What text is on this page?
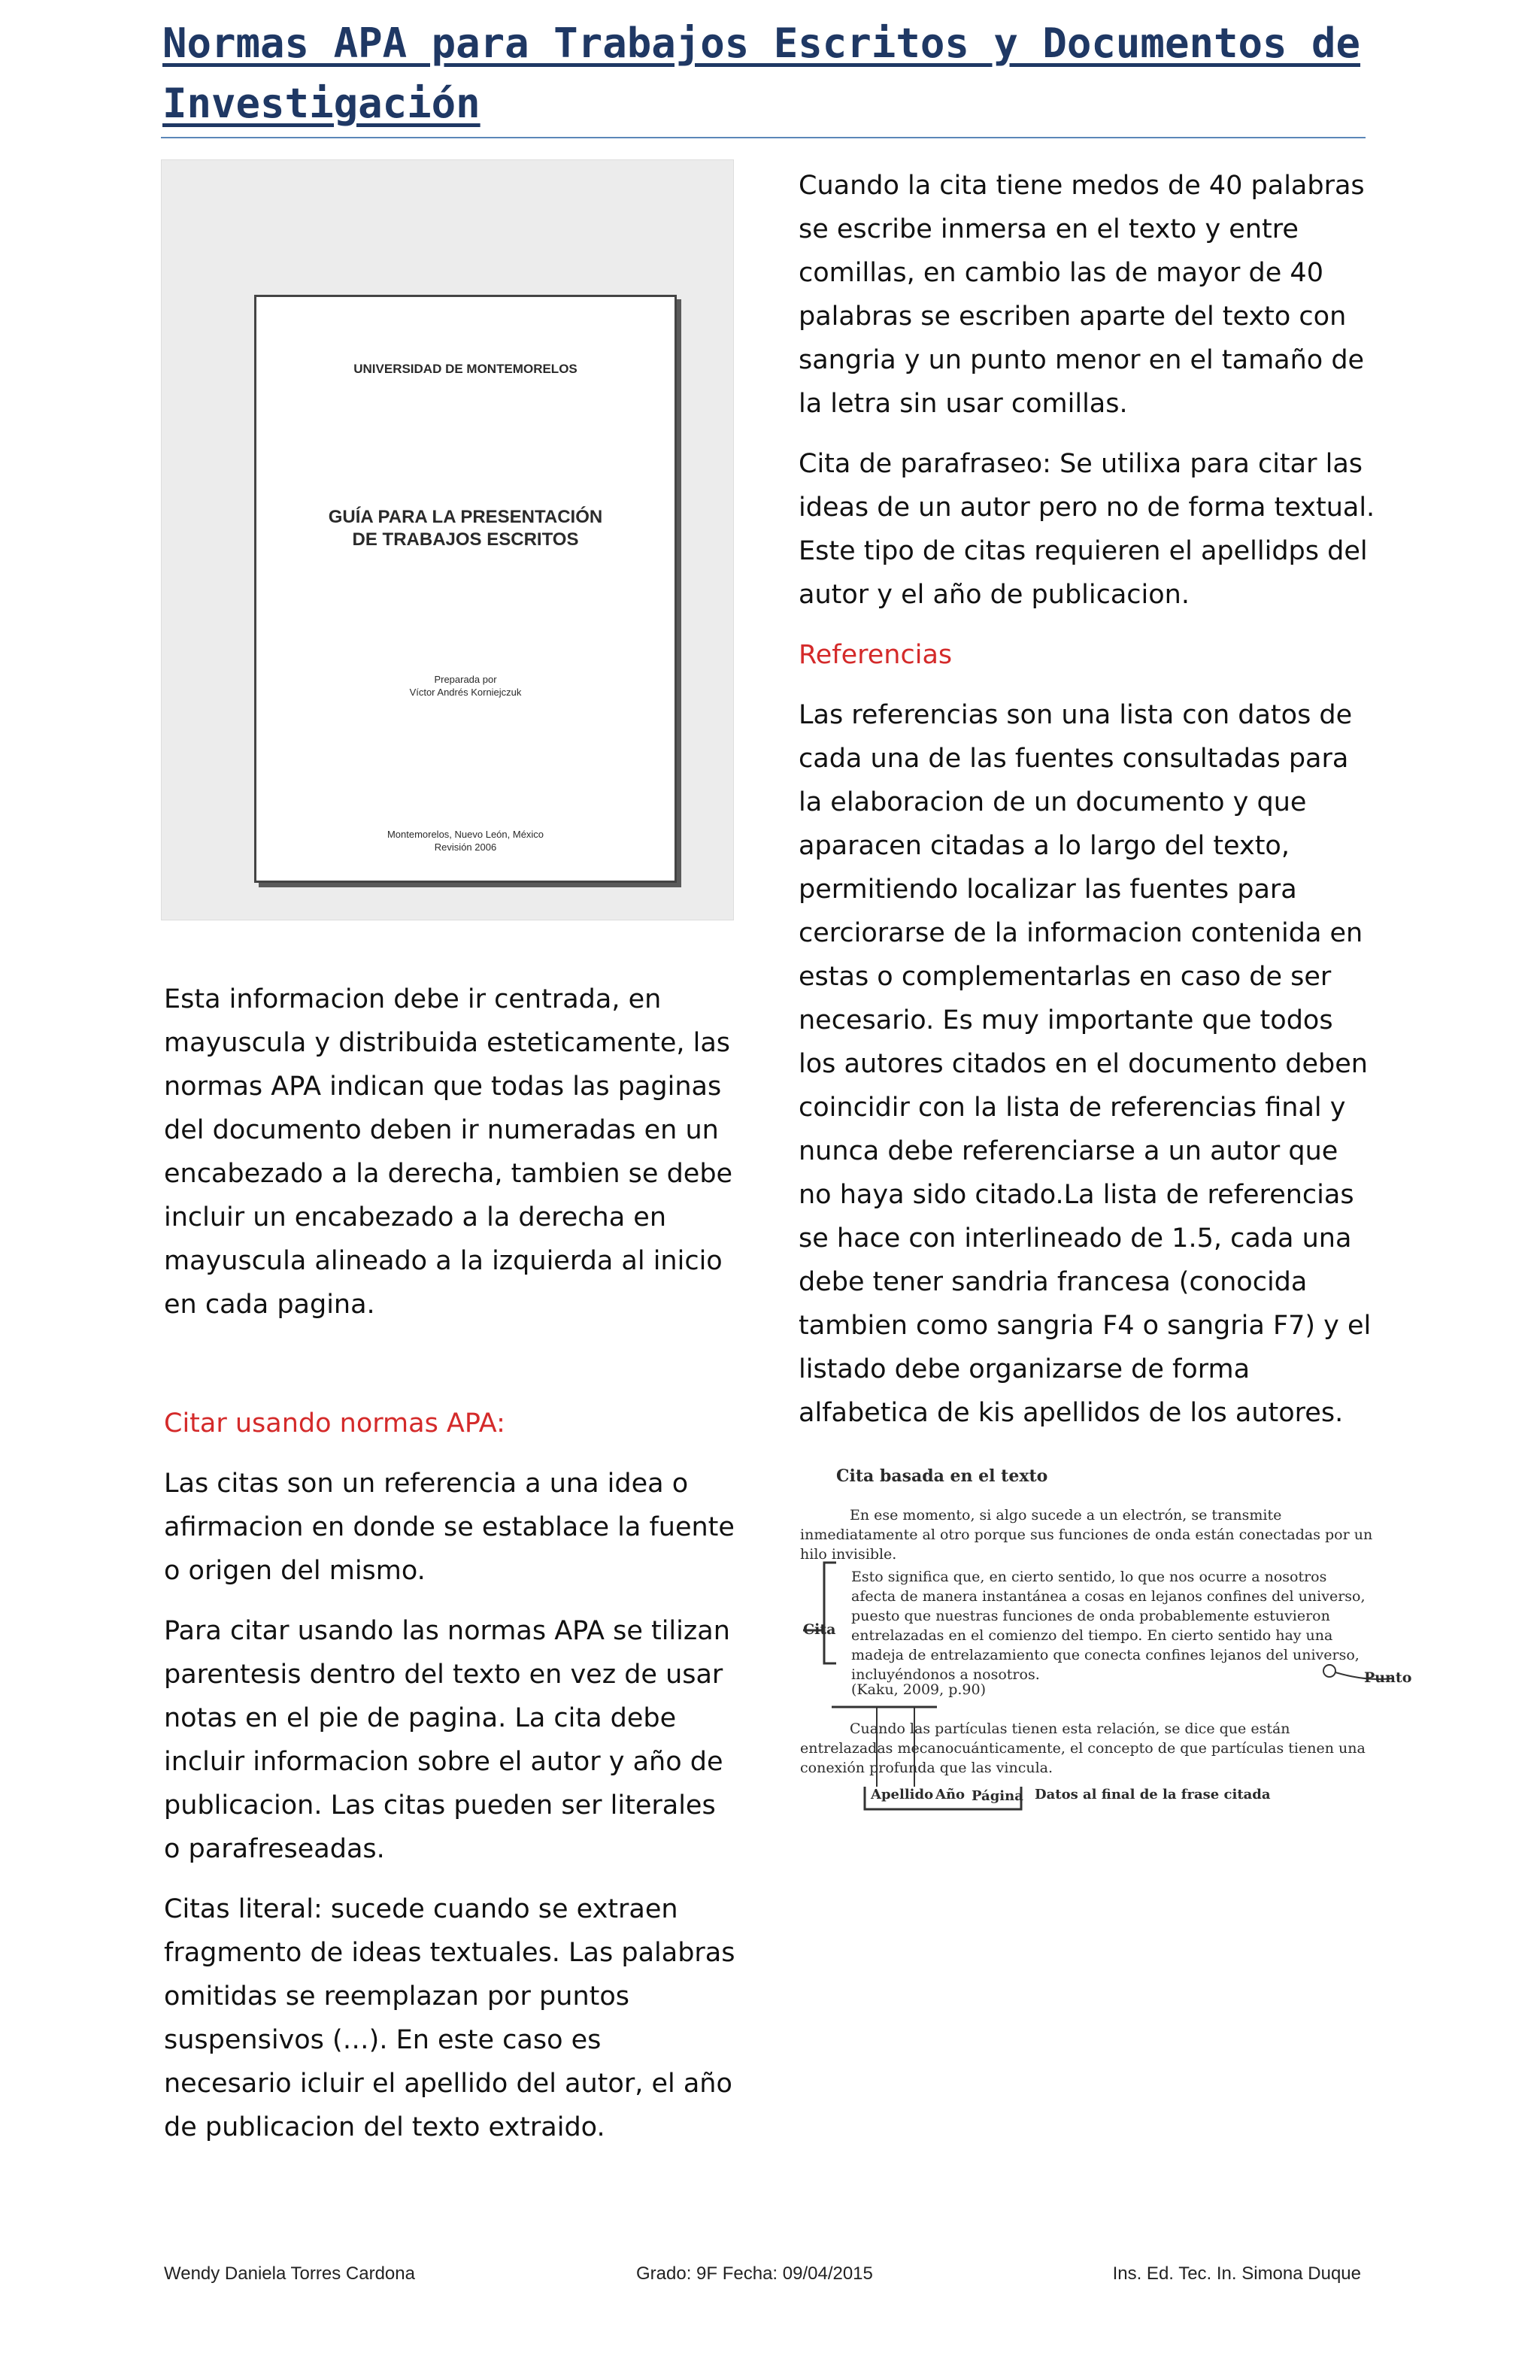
Normas APA para Trabajos Escritos y Documentos de Investigación
UNIVERSIDAD DE MONTEMORELOS
GUÍA PARA LA PRESENTACIÓN
DE TRABAJOS ESCRITOS
Preparada por
Víctor Andrés Korniejczuk
Montemorelos, Nuevo León, México
Revisión 2006

Esta informacion debe ir centrada, en mayuscula y distribuida esteticamente, las normas APA indican que todas las paginas del documento deben ir numeradas en un encabezado a la derecha, tambien se debe incluir un encabezado a la derecha en mayuscula alineado a la izquierda al inicio en cada pagina.

Citar usando normas APA:

Las citas son un referencia a una idea o afirmacion en donde se establace la fuente o origen del mismo.

Para citar usando las normas APA se tilizan parentesis dentro del texto en vez de usar notas en el pie de pagina. La cita debe incluir informacion sobre el autor y año de publicacion. Las citas pueden ser literales o parafreseadas.

Citas literal: sucede cuando se extraen fragmento de ideas textuales. Las palabras omitidas se reemplazan por puntos suspensivos (…). En este caso es necesario icluir el apellido del autor, el año de publicacion del texto extraido.

Cuando la cita tiene medos de 40 palabras se escribe inmersa en el texto y entre comillas, en cambio las de mayor de 40 palabras se escriben aparte del texto con sangria y un punto menor en el tamaño de la letra sin usar comillas.

Cita de parafraseo: Se utilixa para citar las ideas de un autor pero no de forma textual. Este tipo de citas requieren el apellidps del autor y el año de publicacion.

Referencias

Las referencias son una lista con datos de cada una de las fuentes consultadas para la elaboracion de un documento y que aparacen citadas a lo largo del texto, permitiendo localizar las fuentes para cerciorarse de la informacion contenida en estas o complementarlas en caso de ser necesario. Es muy importante que todos los autores citados en el documento deben coincidir con la lista de referencias final y nunca debe referenciarse a un autor que no haya sido citado.La lista de referencias se hace con interlineado de 1.5, cada una debe tener sandria francesa (conocida tambien como sangria F4 o sangria F7) y el listado debe organizarse de forma alfabetica de kis apellidos de los autores.

Cita basada en el texto

En ese momento, si algo sucede a un electrón, se transmite inmediatamente al otro porque sus funciones de onda están conectadas por un hilo invisible.

Esto significa que, en cierto sentido, lo que nos ocurre a nosotros afecta de manera instantánea a cosas en lejanos confines del universo, puesto que nuestras funciones de onda probablemente estuvieron entrelazadas en el comienzo del tiempo. En cierto sentido hay una madeja de entrelazamiento que conecta confines lejanos del universo, incluyéndonos a nosotros.

(Kaku, 2009, p.90)

Cuando las partículas tienen esta relación, se dice que están entrelazadas mecanocuánticamente, el concepto de que partículas tienen una conexión profunda que las vincula.

Cita

Punto

Apellido Año Página Datos al final de la frase citada

Wendy Daniela Torres Cardona	Grado: 9F Fecha: 09/04/2015	Ins. Ed. Tec. In. Simona Duque
